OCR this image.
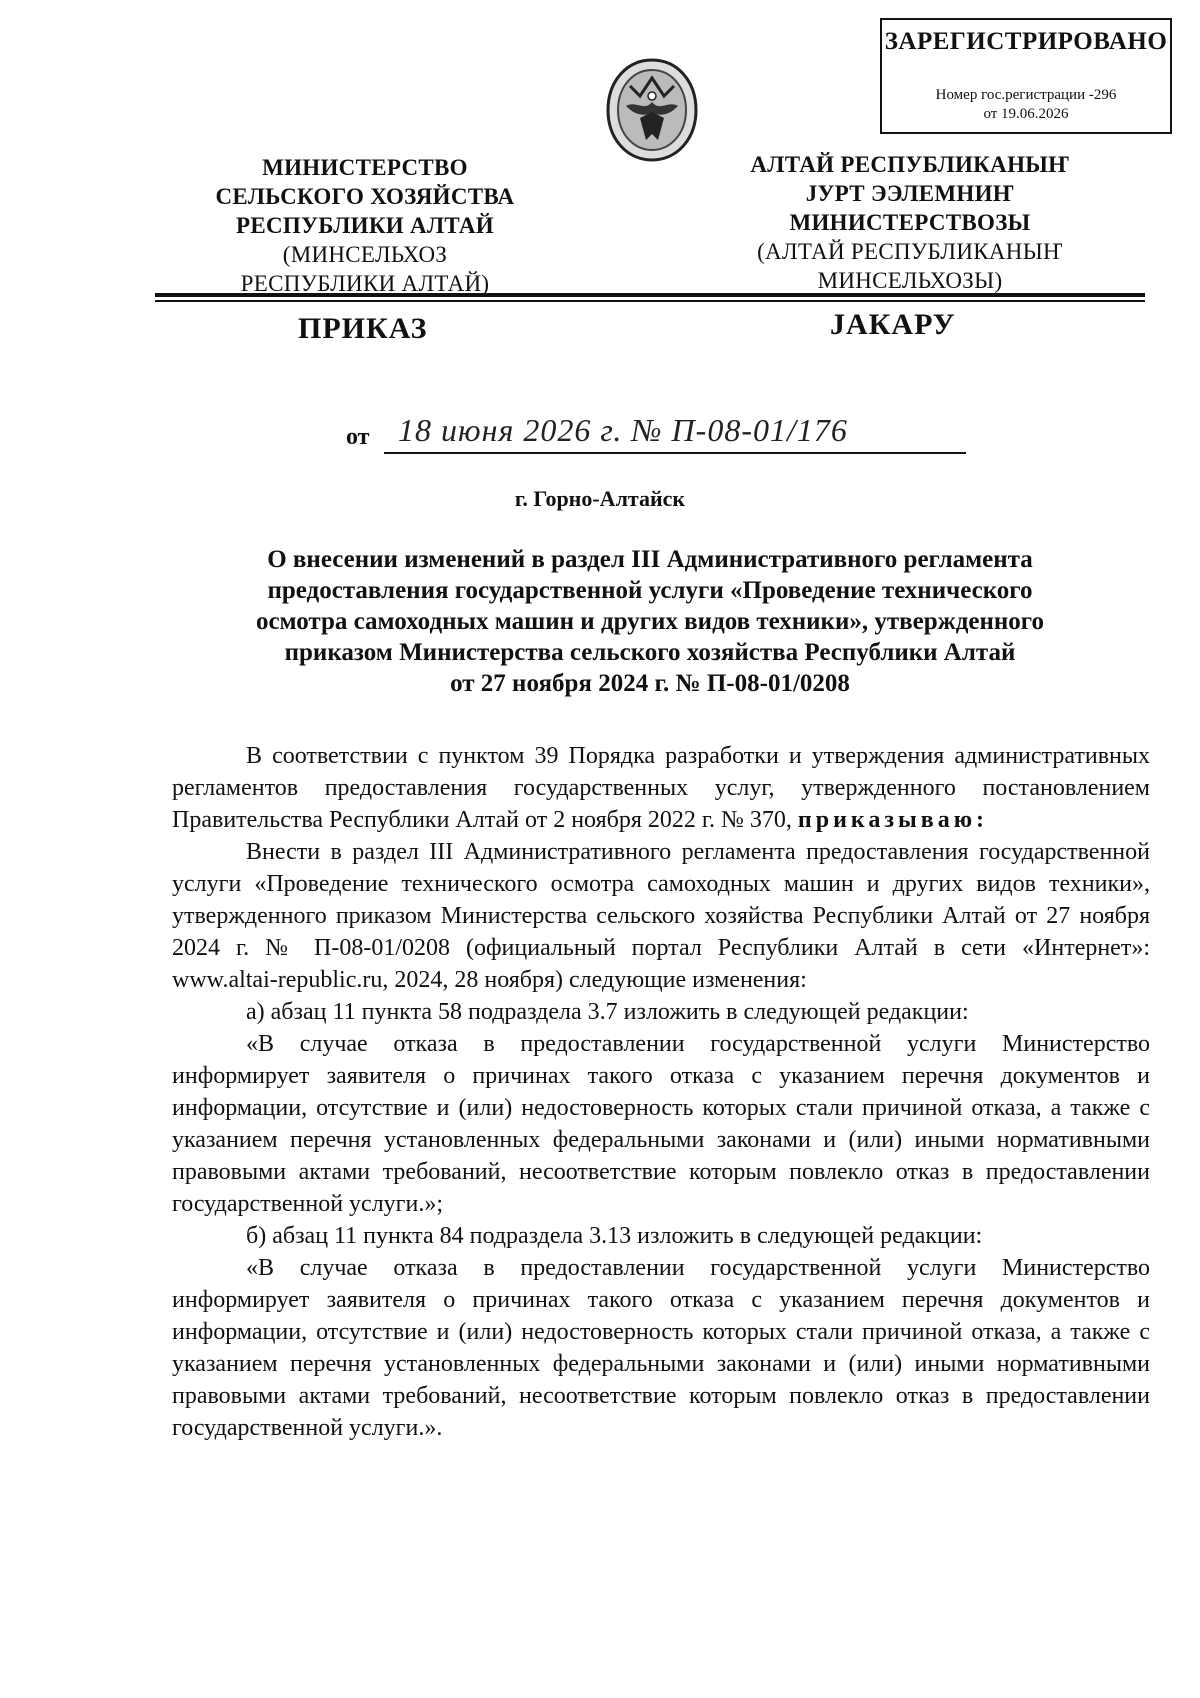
ЗАРЕГИСТРИРОВАНО
Номер гос.регистрации -296
от 19.06.2026
МИНИСТЕРСТВО
СЕЛЬСКОГО ХОЗЯЙСТВА
РЕСПУБЛИКИ АЛТАЙ
(МИНСЕЛЬХОЗ
РЕСПУБЛИКИ АЛТАЙ)
АЛТАЙ РЕСПУБЛИКАНЫҤ
ЈУРТ ЭЭЛЕМНИҤ
МИНИСТЕРСТВОЗЫ
(АЛТАЙ РЕСПУБЛИКАНЫҤ
МИНСЕЛЬХОЗЫ)
ПРИКАЗ	ЈАКАРУ
от 18 июня 2026 г. № П-08-01/176
г. Горно-Алтайск
О внесении изменений в раздел III Административного регламента
предоставления государственной услуги «Проведение технического
осмотра самоходных машин и других видов техники», утвержденного
приказом Министерства сельского хозяйства Республики Алтай
от 27 ноября 2024 г. № П-08-01/0208

В соответствии с пунктом 39 Порядка разработки и утверждения административных регламентов предоставления государственных услуг, утвержденного постановлением Правительства Республики Алтай от 2 ноября 2022 г. № 370, приказываю:

Внести в раздел III Административного регламента предоставления государственной услуги «Проведение технического осмотра самоходных машин и других видов техники», утвержденного приказом Министерства сельского хозяйства Республики Алтай от 27 ноября 2024 г. № П-08-01/0208 (официальный портал Республики Алтай в сети «Интернет»: www.altai-republic.ru, 2024, 28 ноября) следующие изменения:

а) абзац 11 пункта 58 подраздела 3.7 изложить в следующей редакции:

«В случае отказа в предоставлении государственной услуги Министерство информирует заявителя о причинах такого отказа с указанием перечня документов и информации, отсутствие и (или) недостоверность которых стали причиной отказа, а также с указанием перечня установленных федеральными законами и (или) иными нормативными правовыми актами требований, несоответствие которым повлекло отказ в предоставлении государственной услуги.»;

б) абзац 11 пункта 84 подраздела 3.13 изложить в следующей редакции:

«В случае отказа в предоставлении государственной услуги Министерство информирует заявителя о причинах такого отказа с указанием перечня документов и информации, отсутствие и (или) недостоверность которых стали причиной отказа, а также с указанием перечня установленных федеральными законами и (или) иными нормативными правовыми актами требований, несоответствие которым повлекло отказ в предоставлении государственной услуги.».
